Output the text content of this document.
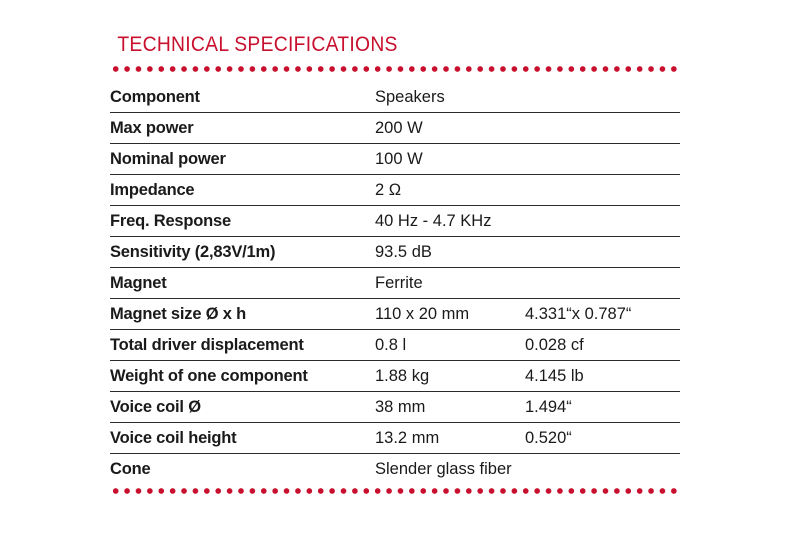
TECHNICAL SPECIFICATIONS
Component	Speakers	
Max power	200 W	
Nominal power	100 W	
Impedance	2 Ω	
Freq. Response	40 Hz - 4.7 KHz	
Sensitivity (2,83V/1m)	93.5 dB	
Magnet	Ferrite	
Magnet size Ø x h	110 x 20 mm	4.331“x 0.787“
Total driver displacement	0.8 l	0.028 cf
Weight of one component	1.88 kg	4.145 lb
Voice coil Ø	38 mm	1.494“
Voice coil height	13.2 mm	0.520“
Cone	Slender glass fiber	
